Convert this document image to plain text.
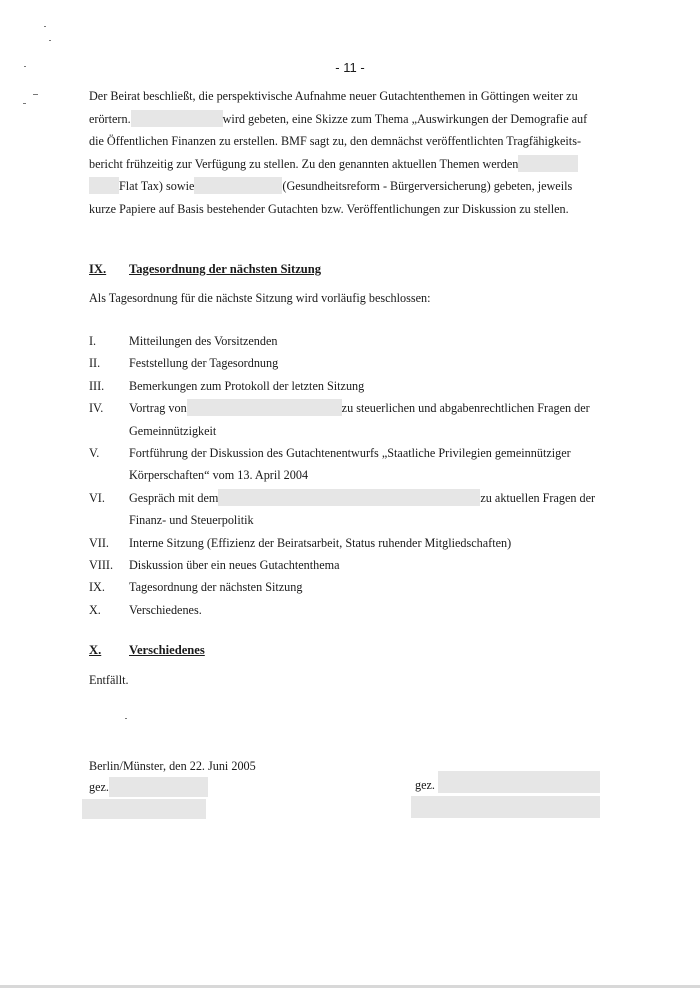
- 11 -
Der Beirat beschließt, die perspektivische Aufnahme neuer Gutachtenthemen in Göttingen weiter zu
erörtern.	wird gebeten, eine Skizze zum Thema „Auswirkungen der Demografie auf
die Öffentlichen Finanzen zu erstellen. BMF sagt zu, den demnächst veröffentlichten Tragfähigkeits-
bericht frühzeitig zur Verfügung zu stellen. Zu den genannten aktuellen Themen werden
Flat Tax) sowie	(Gesundheitsreform - Bürgerversicherung) gebeten, jeweils
kurze Papiere auf Basis bestehender Gutachten bzw. Veröffentlichungen zur Diskussion zu stellen.
IX. Tagesordnung der nächsten Sitzung
Als Tagesordnung für die nächste Sitzung wird vorläufig beschlossen:
I.	Mitteilungen des Vorsitzenden
II.	Feststellung der Tagesordnung
III.	Bemerkungen zum Protokoll der letzten Sitzung
IV.	Vortrag von	zu steuerlichen und abgabenrechtlichen Fragen der
Gemeinnützigkeit
V.	Fortführung der Diskussion des Gutachtenentwurfs „Staatliche Privilegien gemeinnütziger
Körperschaften“ vom 13. April 2004
VI.	Gespräch mit dem	zu aktuellen Fragen der
Finanz- und Steuerpolitik
VII.	Interne Sitzung (Effizienz der Beiratsarbeit, Status ruhender Mitgliedschaften)
VIII.	Diskussion über ein neues Gutachtenthema
IX.	Tagesordnung der nächsten Sitzung
X.	Verschiedenes.
X. Verschiedenes
Entfällt.
Berlin/Münster, den 22. Juni 2005
gez.	gez.
